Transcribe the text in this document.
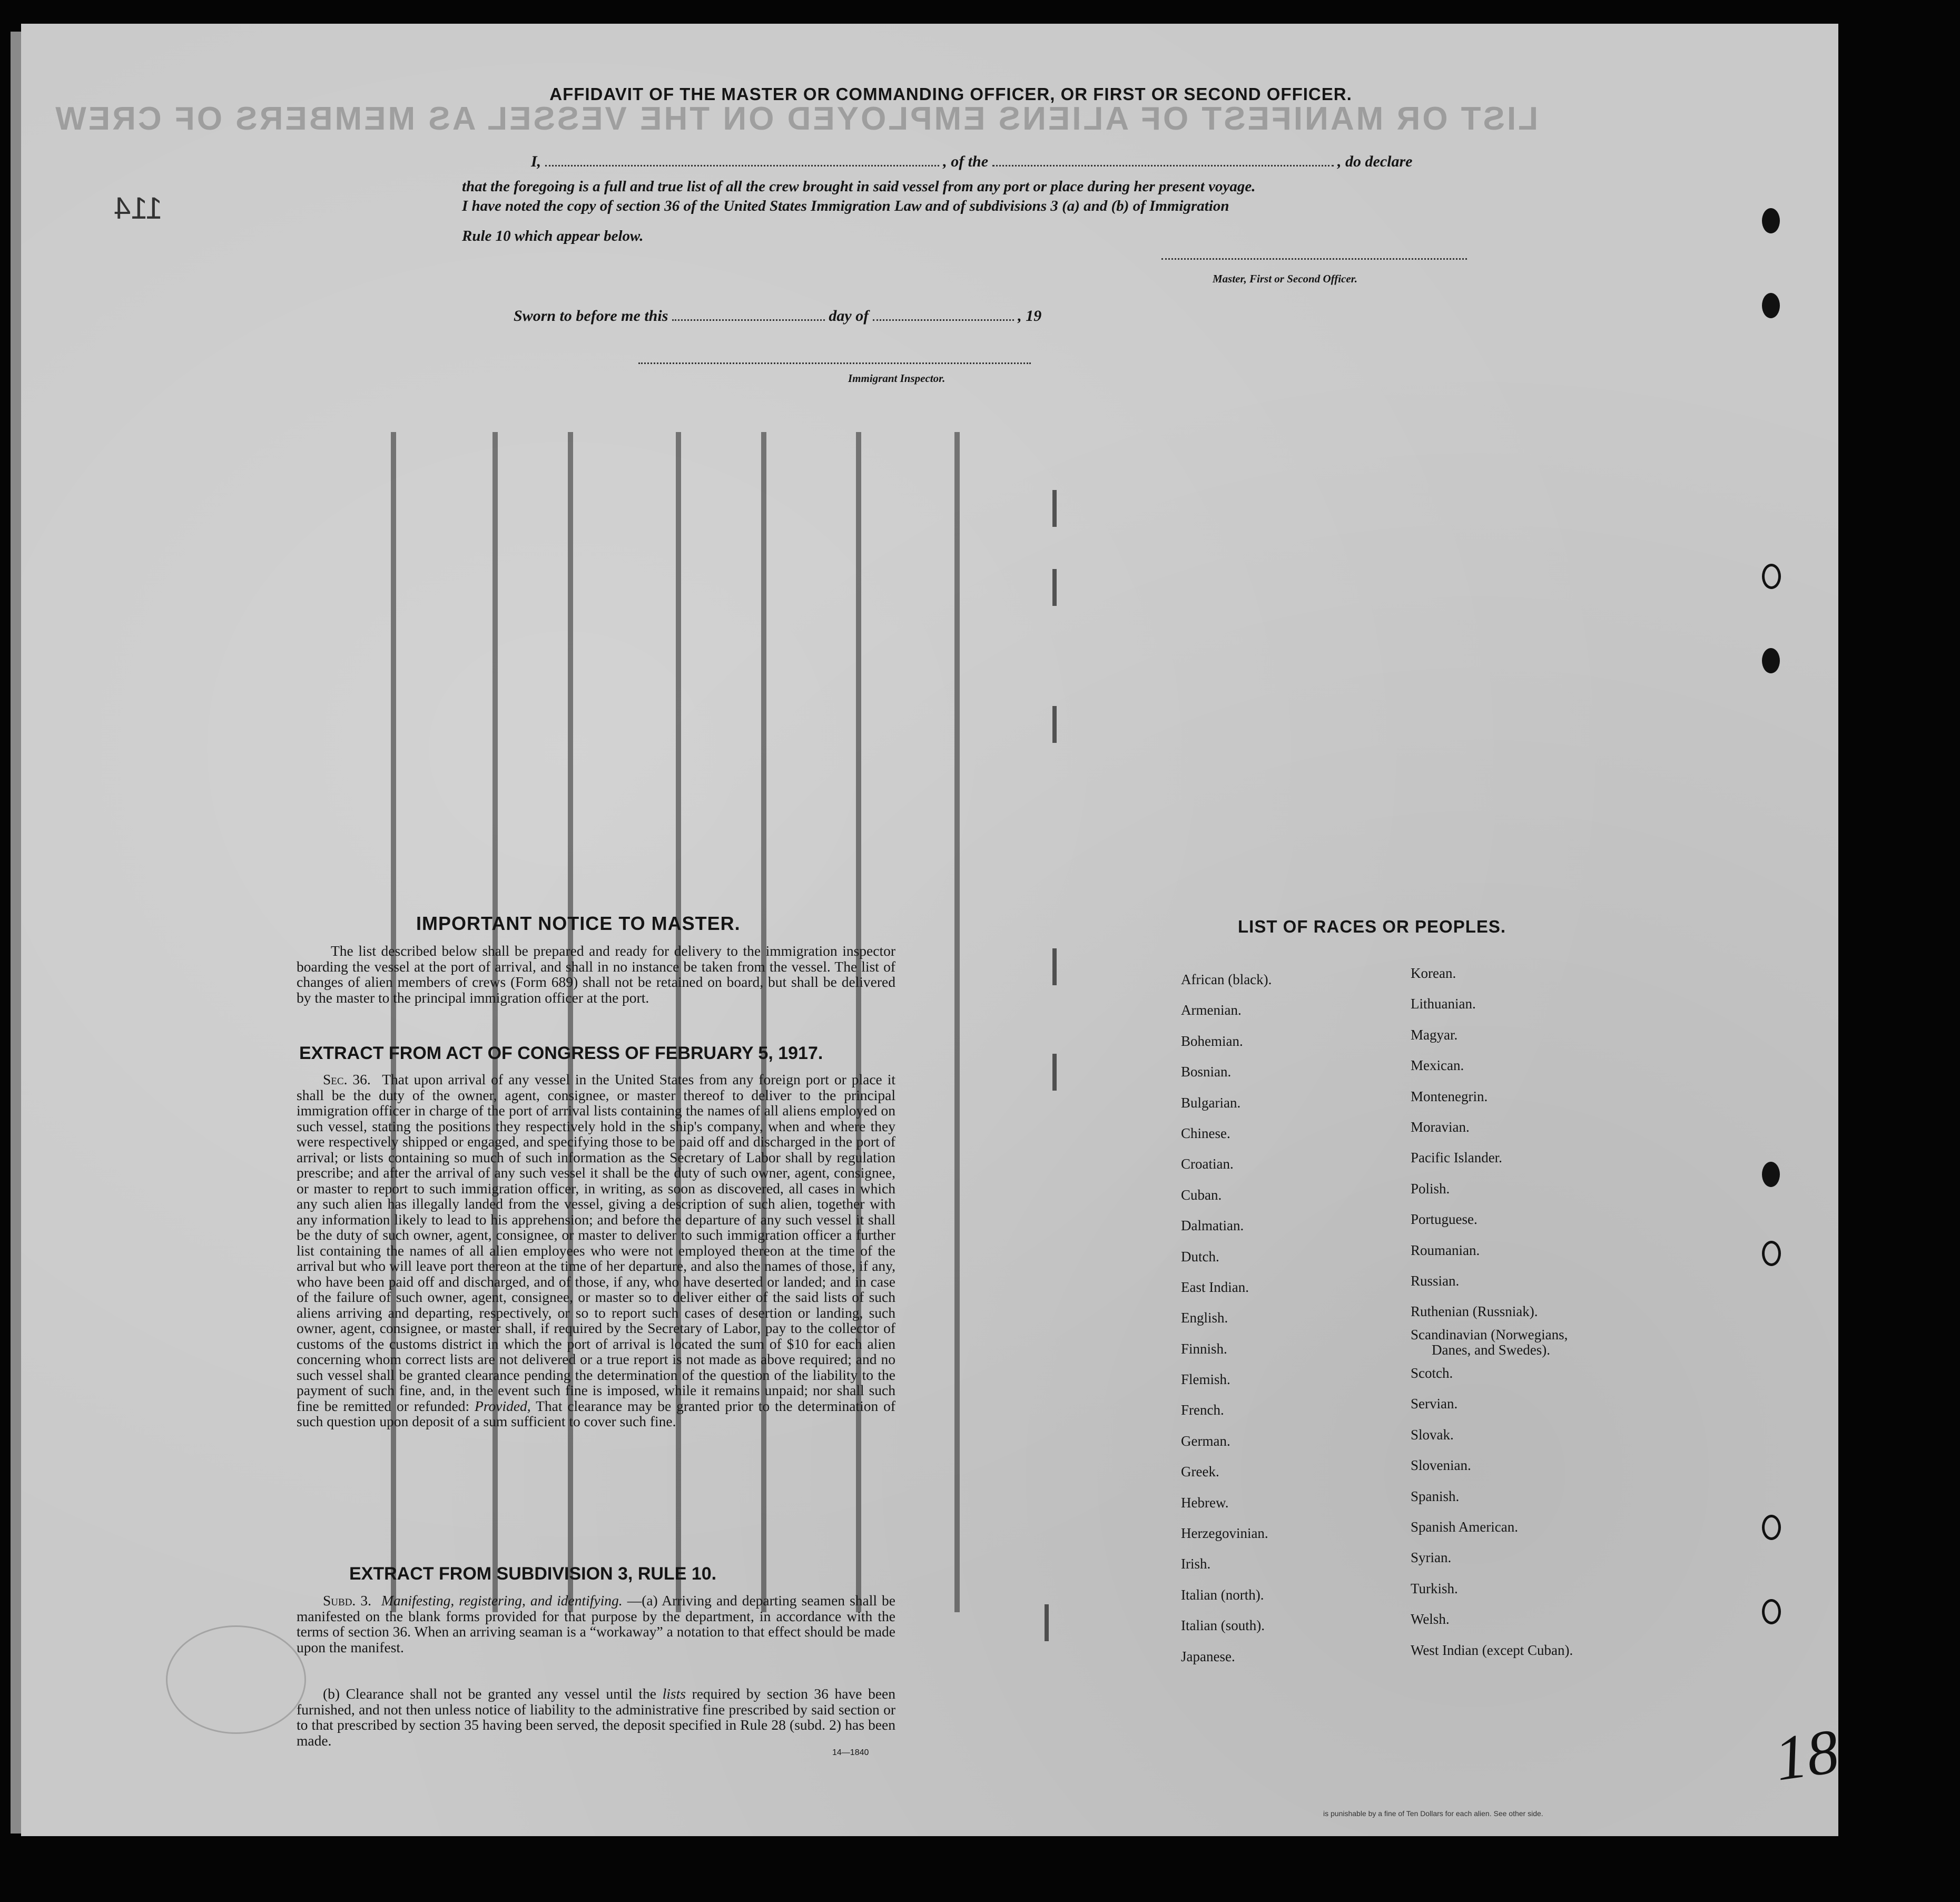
LIST OR MANIFEST OF ALIENS EMPLOYED ON THE VESSEL AS MEMBERS OF CREW
114
AFFIDAVIT OF THE MASTER OR COMMANDING OFFICER, OR FIRST OR SECOND OFFICER.
I,	, of the	, do declare
that the foregoing is a full and true list of all the crew brought in said vessel from any port or place during her present voyage.
I have noted the copy of section 36 of the United States Immigration Law and of subdivisions 3 (a) and (b) of Immigration
Rule 10 which appear below.
Master, First or Second Officer.
Sworn to before me this	day of	, 19
Immigrant Inspector.
IMPORTANT NOTICE TO MASTER.
The list described below shall be prepared and ready for delivery to the immigration inspector boarding the vessel at the port of arrival, and shall in no instance be taken from the vessel. The list of changes of alien members of crews (Form 689) shall not be retained on board, but shall be delivered by the master to the principal immigration officer at the port.
EXTRACT FROM ACT OF CONGRESS OF FEBRUARY 5, 1917.
Sec. 36. That upon arrival of any vessel in the United States from any foreign port or place it shall be the duty of the owner, agent, consignee, or master thereof to deliver to the principal immigration officer in charge of the port of arrival lists containing the names of all aliens employed on such vessel, stating the positions they respectively hold in the ship's company, when and where they were respectively shipped or engaged, and specifying those to be paid off and discharged in the port of arrival; or lists containing so much of such information as the Secretary of Labor shall by regulation prescribe; and after the arrival of any such vessel it shall be the duty of such owner, agent, consignee, or master to report to such immigration officer, in writing, as soon as discovered, all cases in which any such alien has illegally landed from the vessel, giving a description of such alien, together with any information likely to lead to his apprehension; and before the departure of any such vessel it shall be the duty of such owner, agent, consignee, or master to deliver to such immigration officer a further list containing the names of all alien employees who were not employed thereon at the time of the arrival but who will leave port thereon at the time of her departure, and also the names of those, if any, who have been paid off and discharged, and of those, if any, who have deserted or landed; and in case of the failure of such owner, agent, consignee, or master so to deliver either of the said lists of such aliens arriving and departing, respectively, or so to report such cases of desertion or landing, such owner, agent, consignee, or master shall, if required by the Secretary of Labor, pay to the collector of customs of the customs district in which the port of arrival is located the sum of $10 for each alien concerning whom correct lists are not delivered or a true report is not made as above required; and no such vessel shall be granted clearance pending the determination of the question of the liability to the payment of such fine, and, in the event such fine is imposed, while it remains unpaid; nor shall such fine be remitted or refunded: Provided, That clearance may be granted prior to the determination of such question upon deposit of a sum sufficient to cover such fine.
EXTRACT FROM SUBDIVISION 3, RULE 10.
Subd. 3. Manifesting, registering, and identifying. —(a) Arriving and departing seamen shall be manifested on the blank forms provided for that purpose by the department, in accordance with the terms of section 36. When an arriving seaman is a “workaway” a notation to that effect should be made upon the manifest.
(b) Clearance shall not be granted any vessel until the lists required by section 36 have been furnished, and not then unless notice of liability to the administrative fine prescribed by said section or to that prescribed by section 35 having been served, the deposit specified in Rule 28 (subd. 2) has been made.
14—1840
LIST OF RACES OR PEOPLES.
African (black).
Armenian.
Bohemian.
Bosnian.
Bulgarian.
Chinese.
Croatian.
Cuban.
Dalmatian.
Dutch.
East Indian.
English.
Finnish.
Flemish.
French.
German.
Greek.
Hebrew.
Herzegovinian.
Irish.
Italian (north).
Italian (south).
Japanese.
Korean.
Lithuanian.
Magyar.
Mexican.
Montenegrin.
Moravian.
Pacific Islander.
Polish.
Portuguese.
Roumanian.
Russian.
Ruthenian (Russniak).
Scandinavian (Norwegians,
Danes, and Swedes).
Scotch.
Servian.
Slovak.
Slovenian.
Spanish.
Spanish American.
Syrian.
Turkish.
Welsh.
West Indian (except Cuban).
is punishable by a fine of Ten Dollars for each alien. See other side.
18
